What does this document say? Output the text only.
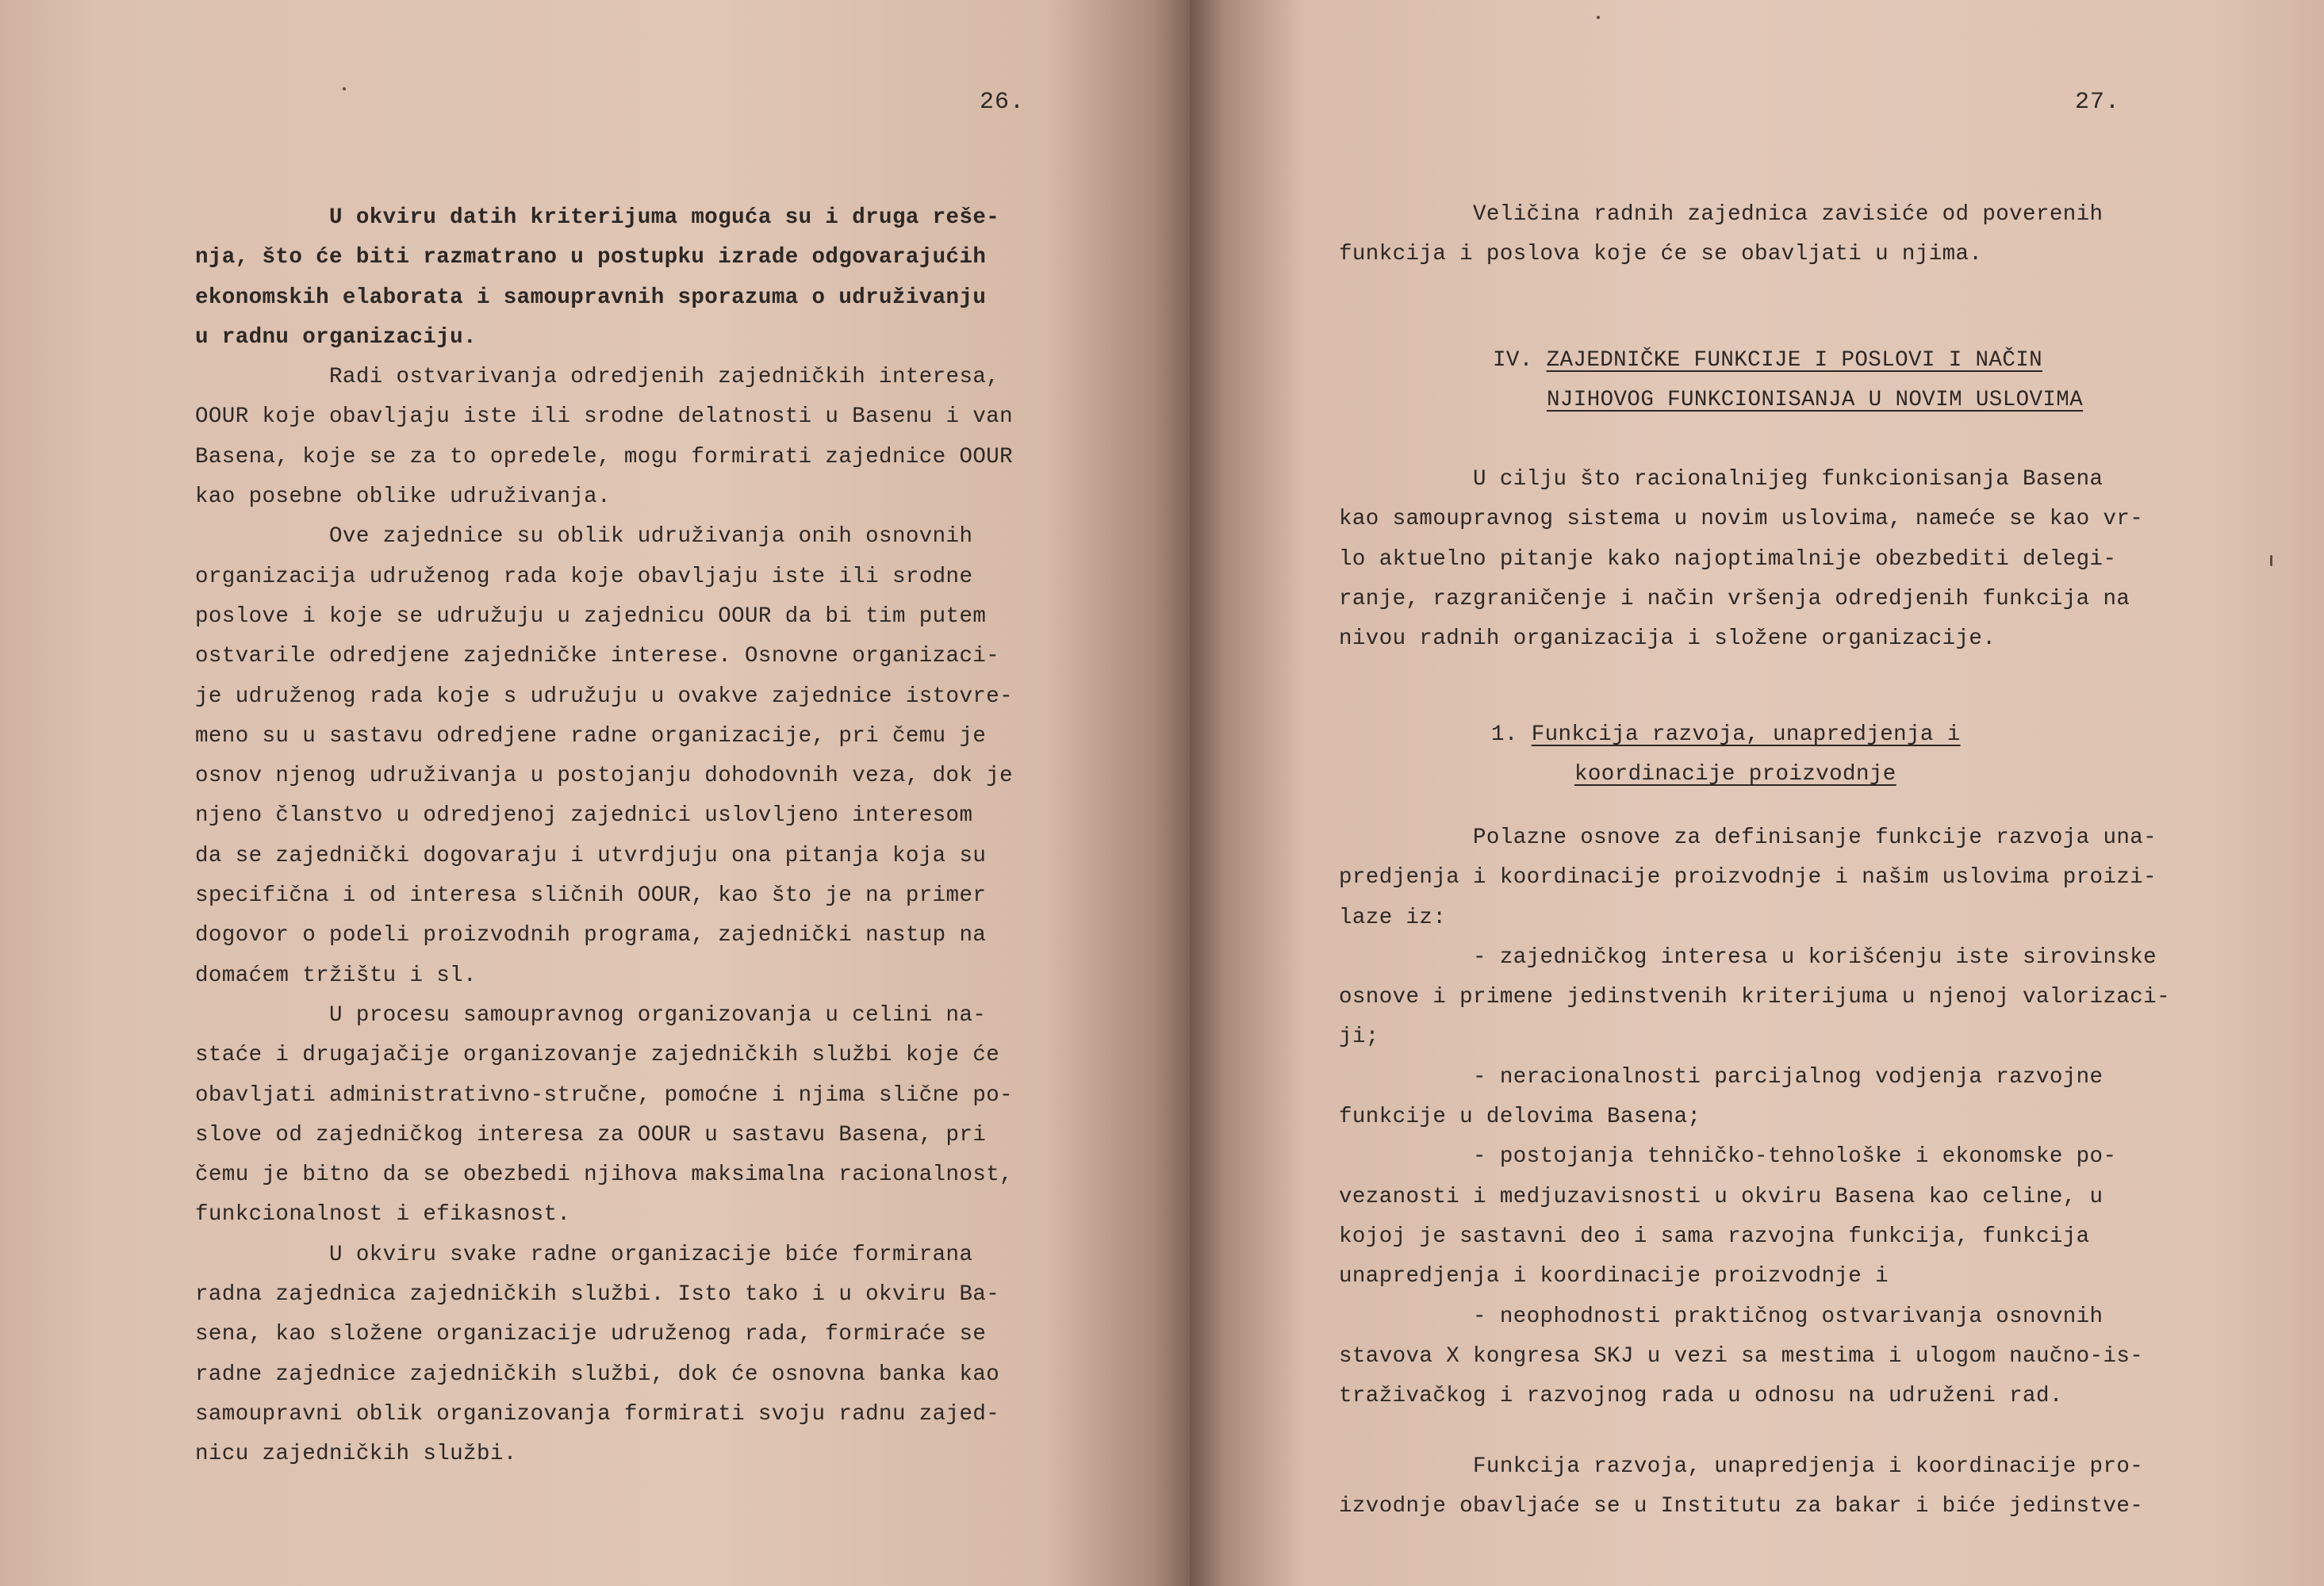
26.	27.
U okviru datih kriterijuma moguća su i druga reše-
nja, što će biti razmatrano u postupku izrade odgovarajućih
ekonomskih elaborata i samoupravnih sporazuma o udruživanju
u radnu organizaciju.
Radi ostvarivanja odredjenih zajedničkih interesa,
OOUR koje obavljaju iste ili srodne delatnosti u Basenu i van
Basena, koje se za to opredele, mogu formirati zajednice OOUR
kao posebne oblike udruživanja.
Ove zajednice su oblik udruživanja onih osnovnih
organizacija udruženog rada koje obavljaju iste ili srodne
poslove i koje se udružuju u zajednicu OOUR da bi tim putem
ostvarile odredjene zajedničke interese. Osnovne organizaci-
je udruženog rada koje s udružuju u ovakve zajednice istovre-
meno su u sastavu odredjene radne organizacije, pri čemu je
osnov njenog udruživanja u postojanju dohodovnih veza, dok je
njeno članstvo u odredjenoj zajednici uslovljeno interesom
da se zajednički dogovaraju i utvrdjuju ona pitanja koja su
specifična i od interesa sličnih OOUR, kao što je na primer
dogovor o podeli proizvodnih programa, zajednički nastup na
domaćem tržištu i sl.
U procesu samoupravnog organizovanja u celini na-
staće i drugajačije organizovanje zajedničkih službi koje će
obavljati administrativno-stručne, pomoćne i njima slične po-
slove od zajedničkog interesa za OOUR u sastavu Basena, pri
čemu je bitno da se obezbedi njihova maksimalna racionalnost,
funkcionalnost i efikasnost.
U okviru svake radne organizacije biće formirana
radna zajednica zajedničkih službi. Isto tako i u okviru Ba-
sena, kao složene organizacije udruženog rada, formiraće se
radne zajednice zajedničkih službi, dok će osnovna banka kao
samoupravni oblik organizovanja formirati svoju radnu zajed-
nicu zajedničkih službi.
Veličina radnih zajednica zavisiće od poverenih
funkcija i poslova koje će se obavljati u njima.
IV. ZAJEDNIČKE FUNKCIJE I POSLOVI I NAČIN
NJIHOVOG FUNKCIONISANJA U NOVIM USLOVIMA
U cilju što racionalnijeg funkcionisanja Basena
kao samoupravnog sistema u novim uslovima, nameće se kao vr-
lo aktuelno pitanje kako najoptimalnije obezbediti delegi-
ranje, razgraničenje i način vršenja odredjenih funkcija na
nivou radnih organizacija i složene organizacije.
1. Funkcija razvoja, unapredjenja i
koordinacije proizvodnje
Polazne osnove za definisanje funkcije razvoja una-
predjenja i koordinacije proizvodnje i našim uslovima proizi-
laze iz:
- zajedničkog interesa u korišćenju iste sirovinske
osnove i primene jedinstvenih kriterijuma u njenoj valorizaci-
ji;
- neracionalnosti parcijalnog vodjenja razvojne
funkcije u delovima Basena;
- postojanja tehničko-tehnološke i ekonomske po-
vezanosti i medjuzavisnosti u okviru Basena kao celine, u
kojoj je sastavni deo i sama razvojna funkcija, funkcija
unapredjenja i koordinacije proizvodnje i
- neophodnosti praktičnog ostvarivanja osnovnih
stavova X kongresa SKJ u vezi sa mestima i ulogom naučno-is-
traživačkog i razvojnog rada u odnosu na udruženi rad.
Funkcija razvoja, unapredjenja i koordinacije pro-
izvodnje obavljaće se u Institutu za bakar i biće jedinstve-
